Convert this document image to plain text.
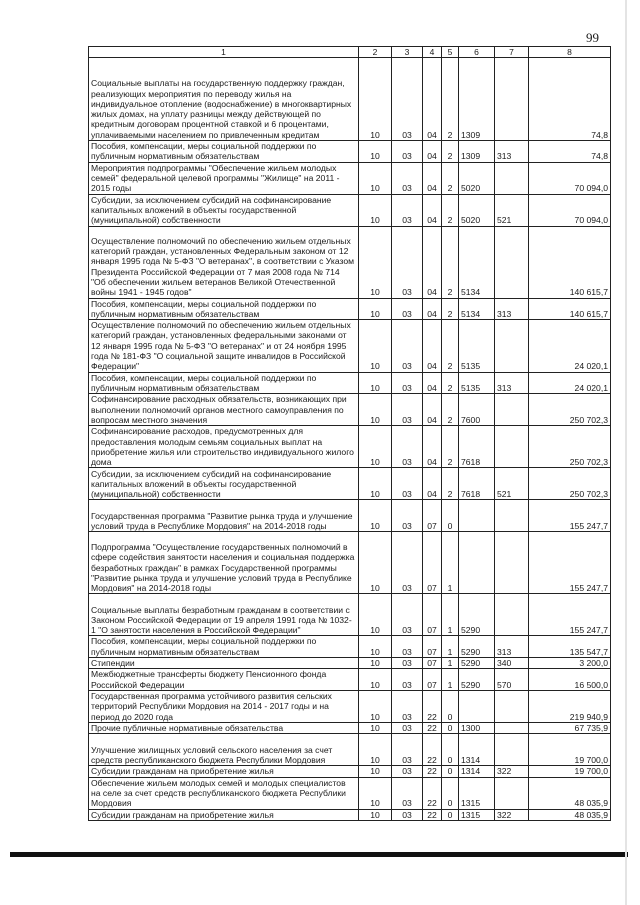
99
1	2	3	4	5	6	7	8
Социальные выплаты на государственную поддержку граждан, реализующих мероприятия по переводу жилья на индивидуальное отопление (водоснабжение) в многоквартирных жилых домах, на уплату разницы между действующей по кредитным договорам процентной ставкой и 6 процентами, уплачиваемыми населением по привлеченным кредитам	10	03	04	2	1309		74,8
Пособия, компенсации, меры социальной поддержки по публичным нормативным обязательствам	10	03	04	2	1309	313	74,8
Мероприятия подпрограммы "Обеспечение жильем молодых семей" федеральной целевой программы "Жилище" на 2011 - 2015 годы	10	03	04	2	5020		70 094,0
Субсидии, за исключением субсидий на софинансирование капитальных вложений в объекты государственной (муниципальной) собственности	10	03	04	2	5020	521	70 094,0
Осуществление полномочий по обеспечению жильем отдельных категорий граждан, установленных Федеральным законом от 12 января 1995 года № 5-ФЗ "О ветеранах", в соответствии с Указом Президента Российской Федерации от 7 мая 2008 года № 714 "Об обеспечении жильем ветеранов Великой Отечественной войны 1941 - 1945 годов"	10	03	04	2	5134		140 615,7
Пособия, компенсации, меры социальной поддержки по публичным нормативным обязательствам	10	03	04	2	5134	313	140 615,7
Осуществление полномочий по обеспечению жильем отдельных категорий граждан, установленных федеральными законами от 12 января 1995 года № 5-ФЗ "О ветеранах" и от 24 ноября 1995 года № 181-ФЗ "О социальной защите инвалидов в Российской Федерации"	10	03	04	2	5135		24 020,1
Пособия, компенсации, меры социальной поддержки по публичным нормативным обязательствам	10	03	04	2	5135	313	24 020,1
Софинансирование расходных обязательств, возникающих при выполнении полномочий органов местного самоуправления по вопросам местного значения	10	03	04	2	7600		250 702,3
Софинансирование расходов, предусмотренных для предоставления молодым семьям социальных выплат на приобретение жилья или строительство индивидуального жилого дома	10	03	04	2	7618		250 702,3
Субсидии, за исключением субсидий на софинансирование капитальных вложений в объекты государственной (муниципальной) собственности	10	03	04	2	7618	521	250 702,3
Государственная программа "Развитие рынка труда и улучшение условий труда в Республике Мордовия" на 2014-2018 годы	10	03	07	0			155 247,7
Подпрограмма "Осуществление государственных полномочий в сфере содействия занятости населения и социальная поддержка безработных граждан" в рамках Государственной программы "Развитие рынка труда и улучшение условий труда в Республике Мордовия" на 2014-2018 годы	10	03	07	1			155 247,7
Социальные выплаты безработным гражданам в соответствии с Законом Российской Федерации от 19 апреля 1991 года № 1032-1 "О занятости населения в Российской Федерации"	10	03	07	1	5290		155 247,7
Пособия, компенсации, меры социальной поддержки по публичным нормативным обязательствам	10	03	07	1	5290	313	135 547,7
Стипендии	10	03	07	1	5290	340	3 200,0
Межбюджетные трансферты бюджету Пенсионного фонда Российской Федерации	10	03	07	1	5290	570	16 500,0
Государственная программа устойчивого развития сельских территорий Республики Мордовия на 2014 - 2017 годы и на период до 2020 года	10	03	22	0			219 940,9
Прочие публичные нормативные обязательства	10	03	22	0	1300		67 735,9
Улучшение жилищных условий сельского населения за счет средств республиканского бюджета Республики Мордовия	10	03	22	0	1314		19 700,0
Субсидии гражданам на приобретение жилья	10	03	22	0	1314	322	19 700,0
Обеспечение жильем молодых семей и молодых специалистов на селе за счет средств республиканского бюджета Республики Мордовия	10	03	22	0	1315		48 035,9
Субсидии гражданам на приобретение жилья	10	03	22	0	1315	322	48 035,9
